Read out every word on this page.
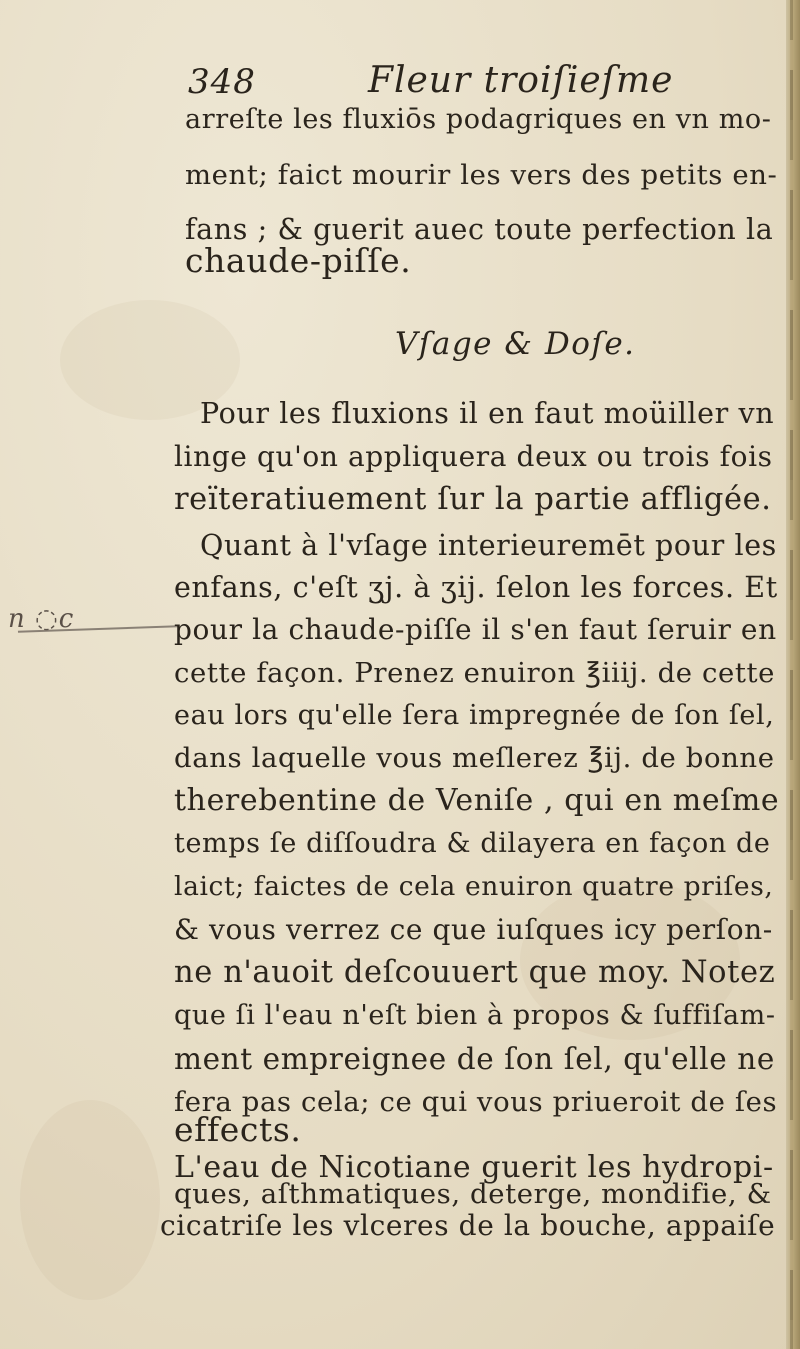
348	Fleur troiſieſme
n ◌c
arreſte les fluxiōs podagriques en vn mo-
ment; faict mourir les vers des petits en-
fans ; & guerit auec toute perfection la
chaude-piſſe.
Vſage & Doſe.
Pour les fluxions il en faut moüiller vn
linge qu'on appliquera deux ou trois fois
reïteratiuement ſur la partie affligée.
Quant à l'vſage interieuremēt pour les
enfans, c'eſt ʒj. à ʒij. ſelon les forces. Et
pour la chaude-piſſe il s'en faut ſeruir en
cette façon. Prenez enuiron ℥iiij. de cette
eau lors qu'elle ſera impregnée de ſon ſel,
dans laquelle vous meſlerez ℥ij. de bonne
therebentine de Veniſe , qui en meſme
temps ſe diſſoudra & dilayera en façon de
laict; faictes de cela enuiron quatre priſes,
& vous verrez ce que iuſques icy perſon-
ne n'auoit deſcouuert que moy. Notez
que ſi l'eau n'eſt bien à propos & ſuffiſam-
ment empreignee de ſon ſel, qu'elle ne
fera pas cela; ce qui vous priueroit de ſes
effects.
L'eau de Nicotiane guerit les hydropi-
ques, aſthmatiques, deterge, mondifie, &
cicatriſe les vlceres de la bouche, appaiſe
